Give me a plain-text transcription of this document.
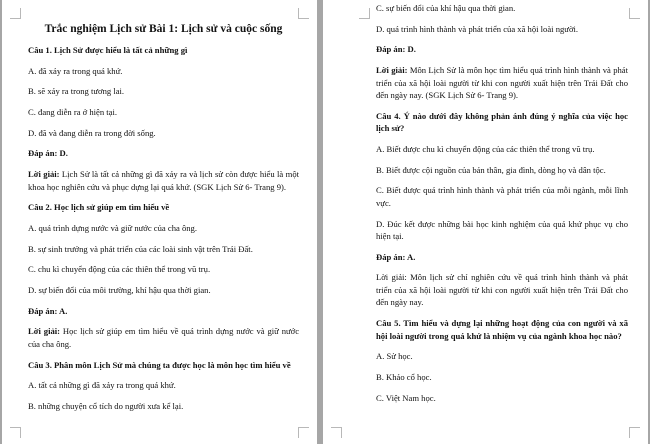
Trắc nghiệm Lịch sử Bài 1: Lịch sử và cuộc sống
Câu 1. Lịch Sử được hiểu là tất cả những gì
A. đã xảy ra trong quá khứ.
B. sẽ xảy ra trong tương lai.
C. đang diễn ra ở hiện tại.
D. đã và đang diễn ra trong đời sống.
Đáp án: D.
Lời giải: Lịch Sử là tất cả những gì đã xảy ra và lịch sử còn được hiểu là một khoa học nghiên cứu và phục dựng lại quá khứ. (SGK Lịch Sử 6- Trang 9).
Câu 2. Học lịch sử giúp em tìm hiểu về
A. quá trình dựng nước và giữ nước của cha ông.
B. sự sinh trưởng và phát triển của các loài sinh vật trên Trái Đất.
C. chu kì chuyển động của các thiên thể trong vũ trụ.
D. sự biến đổi của môi trường, khí hậu qua thời gian.
Đáp án: A.
Lời giải: Học lịch sử giúp em tìm hiểu về quá trình dựng nước và giữ nước của cha ông.
Câu 3. Phân môn Lịch Sử mà chúng ta được học là môn học tìm hiểu về
A. tất cả những gì đã xảy ra trong quá khứ.
B. những chuyện cổ tích do người xưa kể lại.
C. sự biến đổi của khí hậu qua thời gian.
D. quá trình hình thành và phát triển của xã hội loài người.
Đáp án: D.
Lời giải: Môn Lịch Sử là môn học tìm hiểu quá trình hình thành và phát triển của xã hội loài người từ khi con người xuất hiện trên Trái Đất cho đến ngày nay. (SGK Lịch Sử 6- Trang 9).
Câu 4. Ý nào dưới đây không phản ánh đúng ý nghĩa của việc học lịch sử?
A. Biết được chu kì chuyển động của các thiên thể trong vũ trụ.
B. Biết được cội nguồn của bản thân, gia đình, dòng họ và dân tộc.
C. Biết được quá trình hình thành và phát triển của mỗi ngành, mỗi lĩnh vực.
D. Đúc kết được những bài học kinh nghiệm của quá khứ phục vụ cho hiện tại.
Đáp án: A.
Lời giải: Môn lịch sử chỉ nghiên cứu về quá trình hình thành và phát triển của xã hội loài người từ khi con người xuất hiện trên Trái Đất cho đến ngày nay.
Câu 5. Tìm hiểu và dựng lại những hoạt động của con người và xã hội loài người trong quá khứ là nhiệm vụ của ngành khoa học nào?
A. Sử học.
B. Khảo cổ học.
C. Việt Nam học.
